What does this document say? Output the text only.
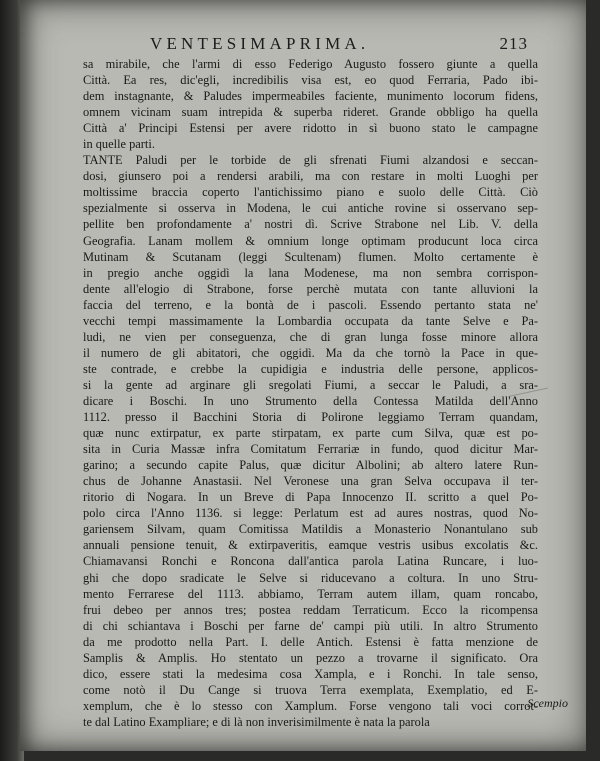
VENTESIMAPRIMA.	213
sa mirabile, che l'armi di esso Federigo Augusto fossero giunte a quella
Città. Ea res, dic'egli, incredibilis visa est, eo quod Ferraria, Pado ibi-
dem instagnante, & Paludes impermeabiles faciente, munimento locorum fidens,
omnem vicinam suam intrepida & superba rideret. Grande obbligo ha quella
Città a' Principi Estensi per avere ridotto in sì buono stato le campagne
in quelle parti.
TANTE Paludi per le torbide de gli sfrenati Fiumi alzandosi e seccan-
dosi, giunsero poi a rendersi arabili, ma con restare in molti Luoghi per
moltissime braccia coperto l'antichissimo piano e suolo delle Città. Ciò
spezialmente si osserva in Modena, le cui antiche rovine si osservano sep-
pellite ben profondamente a' nostri dì. Scrive Strabone nel Lib. V. della
Geografia. Lanam mollem & omnium longe optimam producunt loca circa
Mutinam & Scutanam (leggi Scultenam) flumen. Molto certamente è
in pregio anche oggidì la lana Modenese, ma non sembra corrispon-
dente all'elogio di Strabone, forse perchè mutata con tante alluvioni la
faccia del terreno, e la bontà de i pascoli. Essendo pertanto stata ne'
vecchi tempi massimamente la Lombardia occupata da tante Selve e Pa-
ludi, ne vien per conseguenza, che di gran lunga fosse minore allora
il numero de gli abitatori, che oggidì. Ma da che tornò la Pace in que-
ste contrade, e crebbe la cupidigia e industria delle persone, applicos-
si la gente ad arginare gli sregolati Fiumi, a seccar le Paludi, a sra-
dicare i Boschi. In uno Strumento della Contessa Matilda dell'Anno
1112. presso il Bacchini Storia di Polirone leggiamo Terram quandam,
quæ nunc extirpatur, ex parte stirpatam, ex parte cum Silva, quæ est po-
sita in Curia Massæ infra Comitatum Ferrariæ in fundo, quod dicitur Mar-
garino; a secundo capite Palus, quæ dicitur Albolini; ab altero latere Run-
chus de Johanne Anastasii. Nel Veronese una gran Selva occupava il ter-
ritorio di Nogara. In un Breve di Papa Innocenzo II. scritto a quel Po-
polo circa l'Anno 1136. si legge: Perlatum est ad aures nostras, quod No-
gariensem Silvam, quam Comitissa Matildis a Monasterio Nonantulano sub
annuali pensione tenuit, & extirpaveritis, eamque vestris usibus excolatis &c.
Chiamavansi Ronchi e Roncona dall'antica parola Latina Runcare, i luo-
ghi che dopo sradicate le Selve si riducevano a coltura. In uno Stru-
mento Ferrarese del 1113. abbiamo, Terram autem illam, quam roncabo,
frui debeo per annos tres; postea reddam Terraticum. Ecco la ricompensa
di chi schiantava i Boschi per farne de' campi più utili. In altro Strumento
da me prodotto nella Part. I. delle Antich. Estensi è fatta menzione de
Samplis & Amplis. Ho stentato un pezzo a trovarne il significato. Ora
dico, essere stati la medesima cosa Xampla, e i Ronchi. In tale senso,
come notò il Du Cange si truova Terra exemplata, Exemplatio, ed E-
xemplum, che è lo stesso con Xamplum. Forse vengono tali voci corrot-
te dal Latino Exampliare; e di là non inverisimilmente è nata la parola
Scempio
